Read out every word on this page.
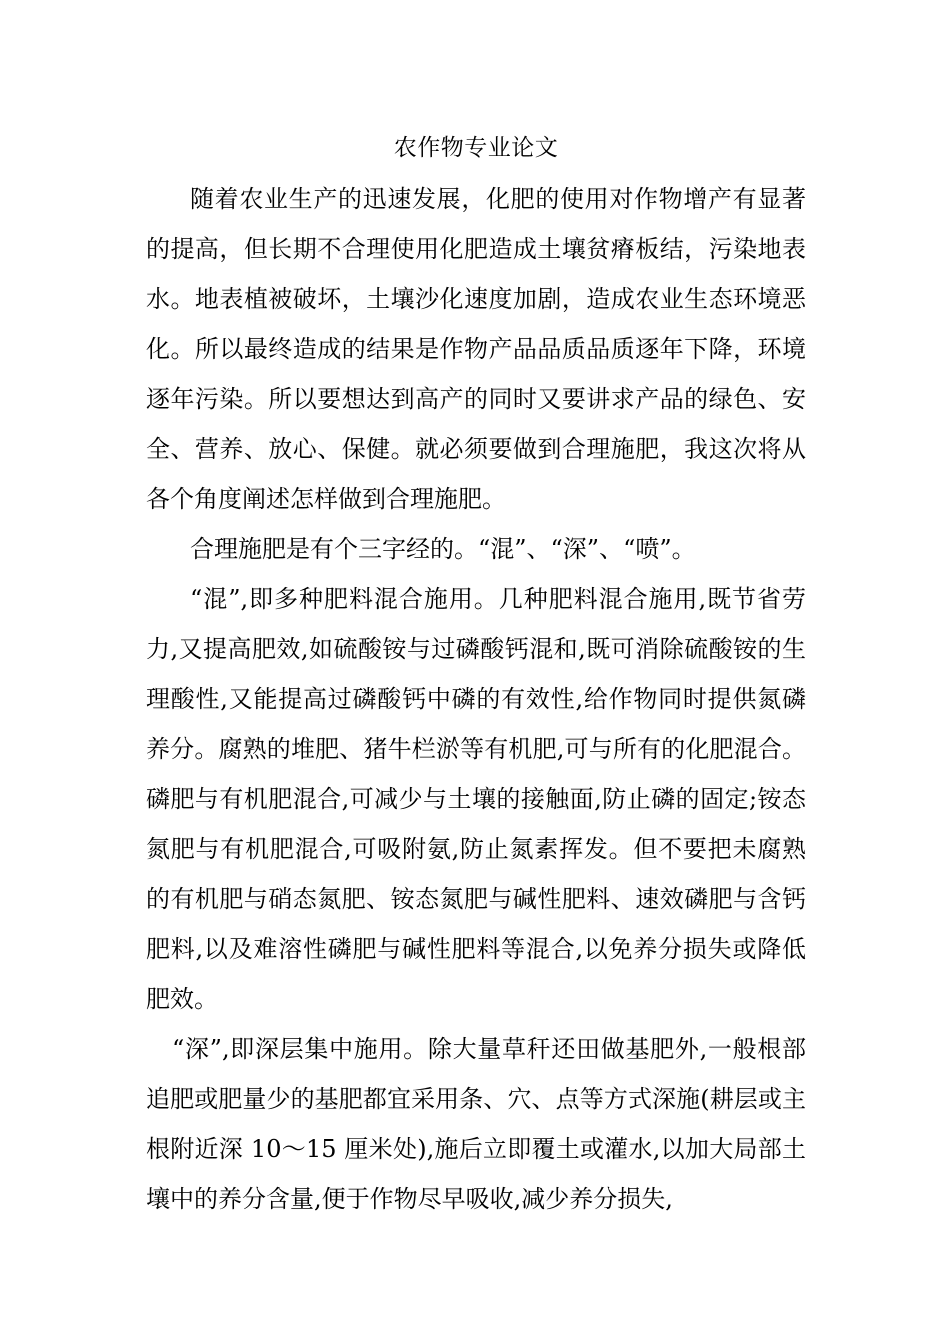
农作物专业论文

随着农业生产的迅速发展，化肥的使用对作物增产有显著的提高，但长期不合理使用化肥造成土壤贫瘠板结，污染地表水。地表植被破坏，土壤沙化速度加剧，造成农业生态环境恶化。所以最终造成的结果是作物产品品质品质逐年下降，环境逐年污染。所以要想达到高产的同时又要讲求产品的绿色、安全、营养、放心、保健。就必须要做到合理施肥，我这次将从各个角度阐述怎样做到合理施肥。

合理施肥是有个三字经的。“混”、“深”、“喷”。

“混”,即多种肥料混合施用。几种肥料混合施用,既节省劳力,又提高肥效,如硫酸铵与过磷酸钙混和,既可消除硫酸铵的生理酸性,又能提高过磷酸钙中磷的有效性,给作物同时提供氮磷养分。腐熟的堆肥、猪牛栏淤等有机肥,可与所有的化肥混合。磷肥与有机肥混合,可减少与土壤的接触面,防止磷的固定;铵态氮肥与有机肥混合,可吸附氨,防止氮素挥发。但不要把未腐熟的有机肥与硝态氮肥、铵态氮肥与碱性肥料、速效磷肥与含钙肥料,以及难溶性磷肥与碱性肥料等混合,以免养分损失或降低肥效。

“深”,即深层集中施用。除大量草秆还田做基肥外,一般根部追肥或肥量少的基肥都宜采用条、穴、点等方式深施(耕层或主根附近深 10～15 厘米处),施后立即覆土或灌水,以加大局部土壤中的养分含量,便于作物尽早吸收,减少养分损失,
